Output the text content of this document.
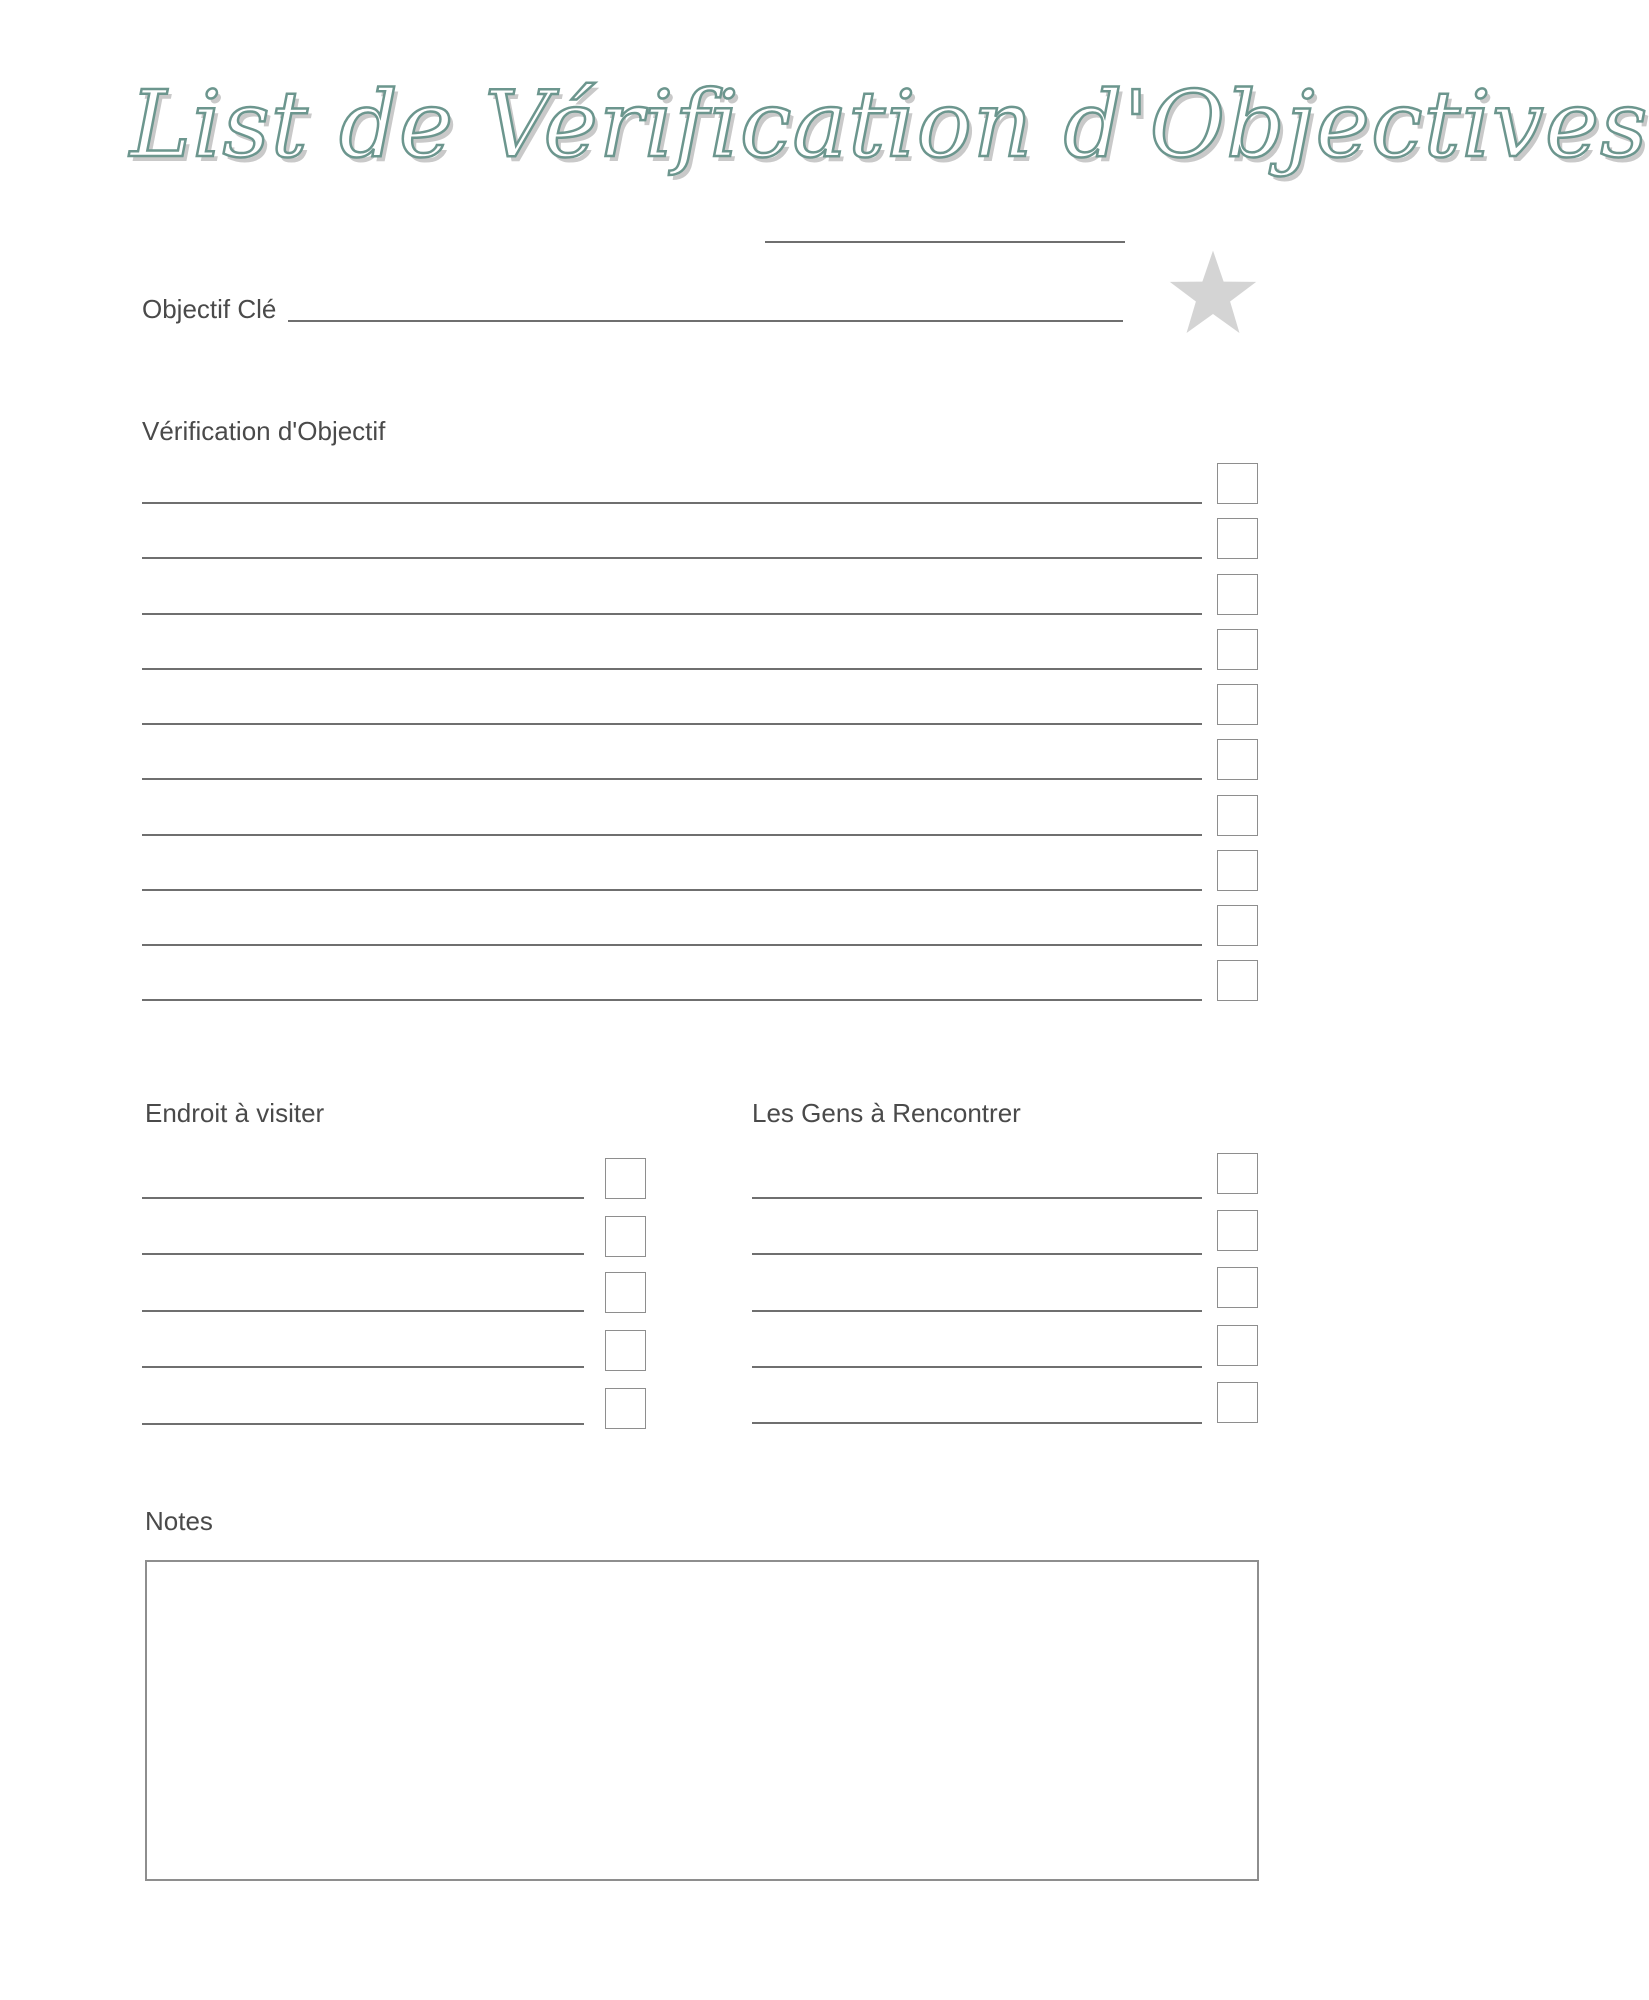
List de Vérification d'Objectives
Objectif Clé
Vérification d'Objectif
Endroit à visiter	Les Gens à Rencontrer
Notes
